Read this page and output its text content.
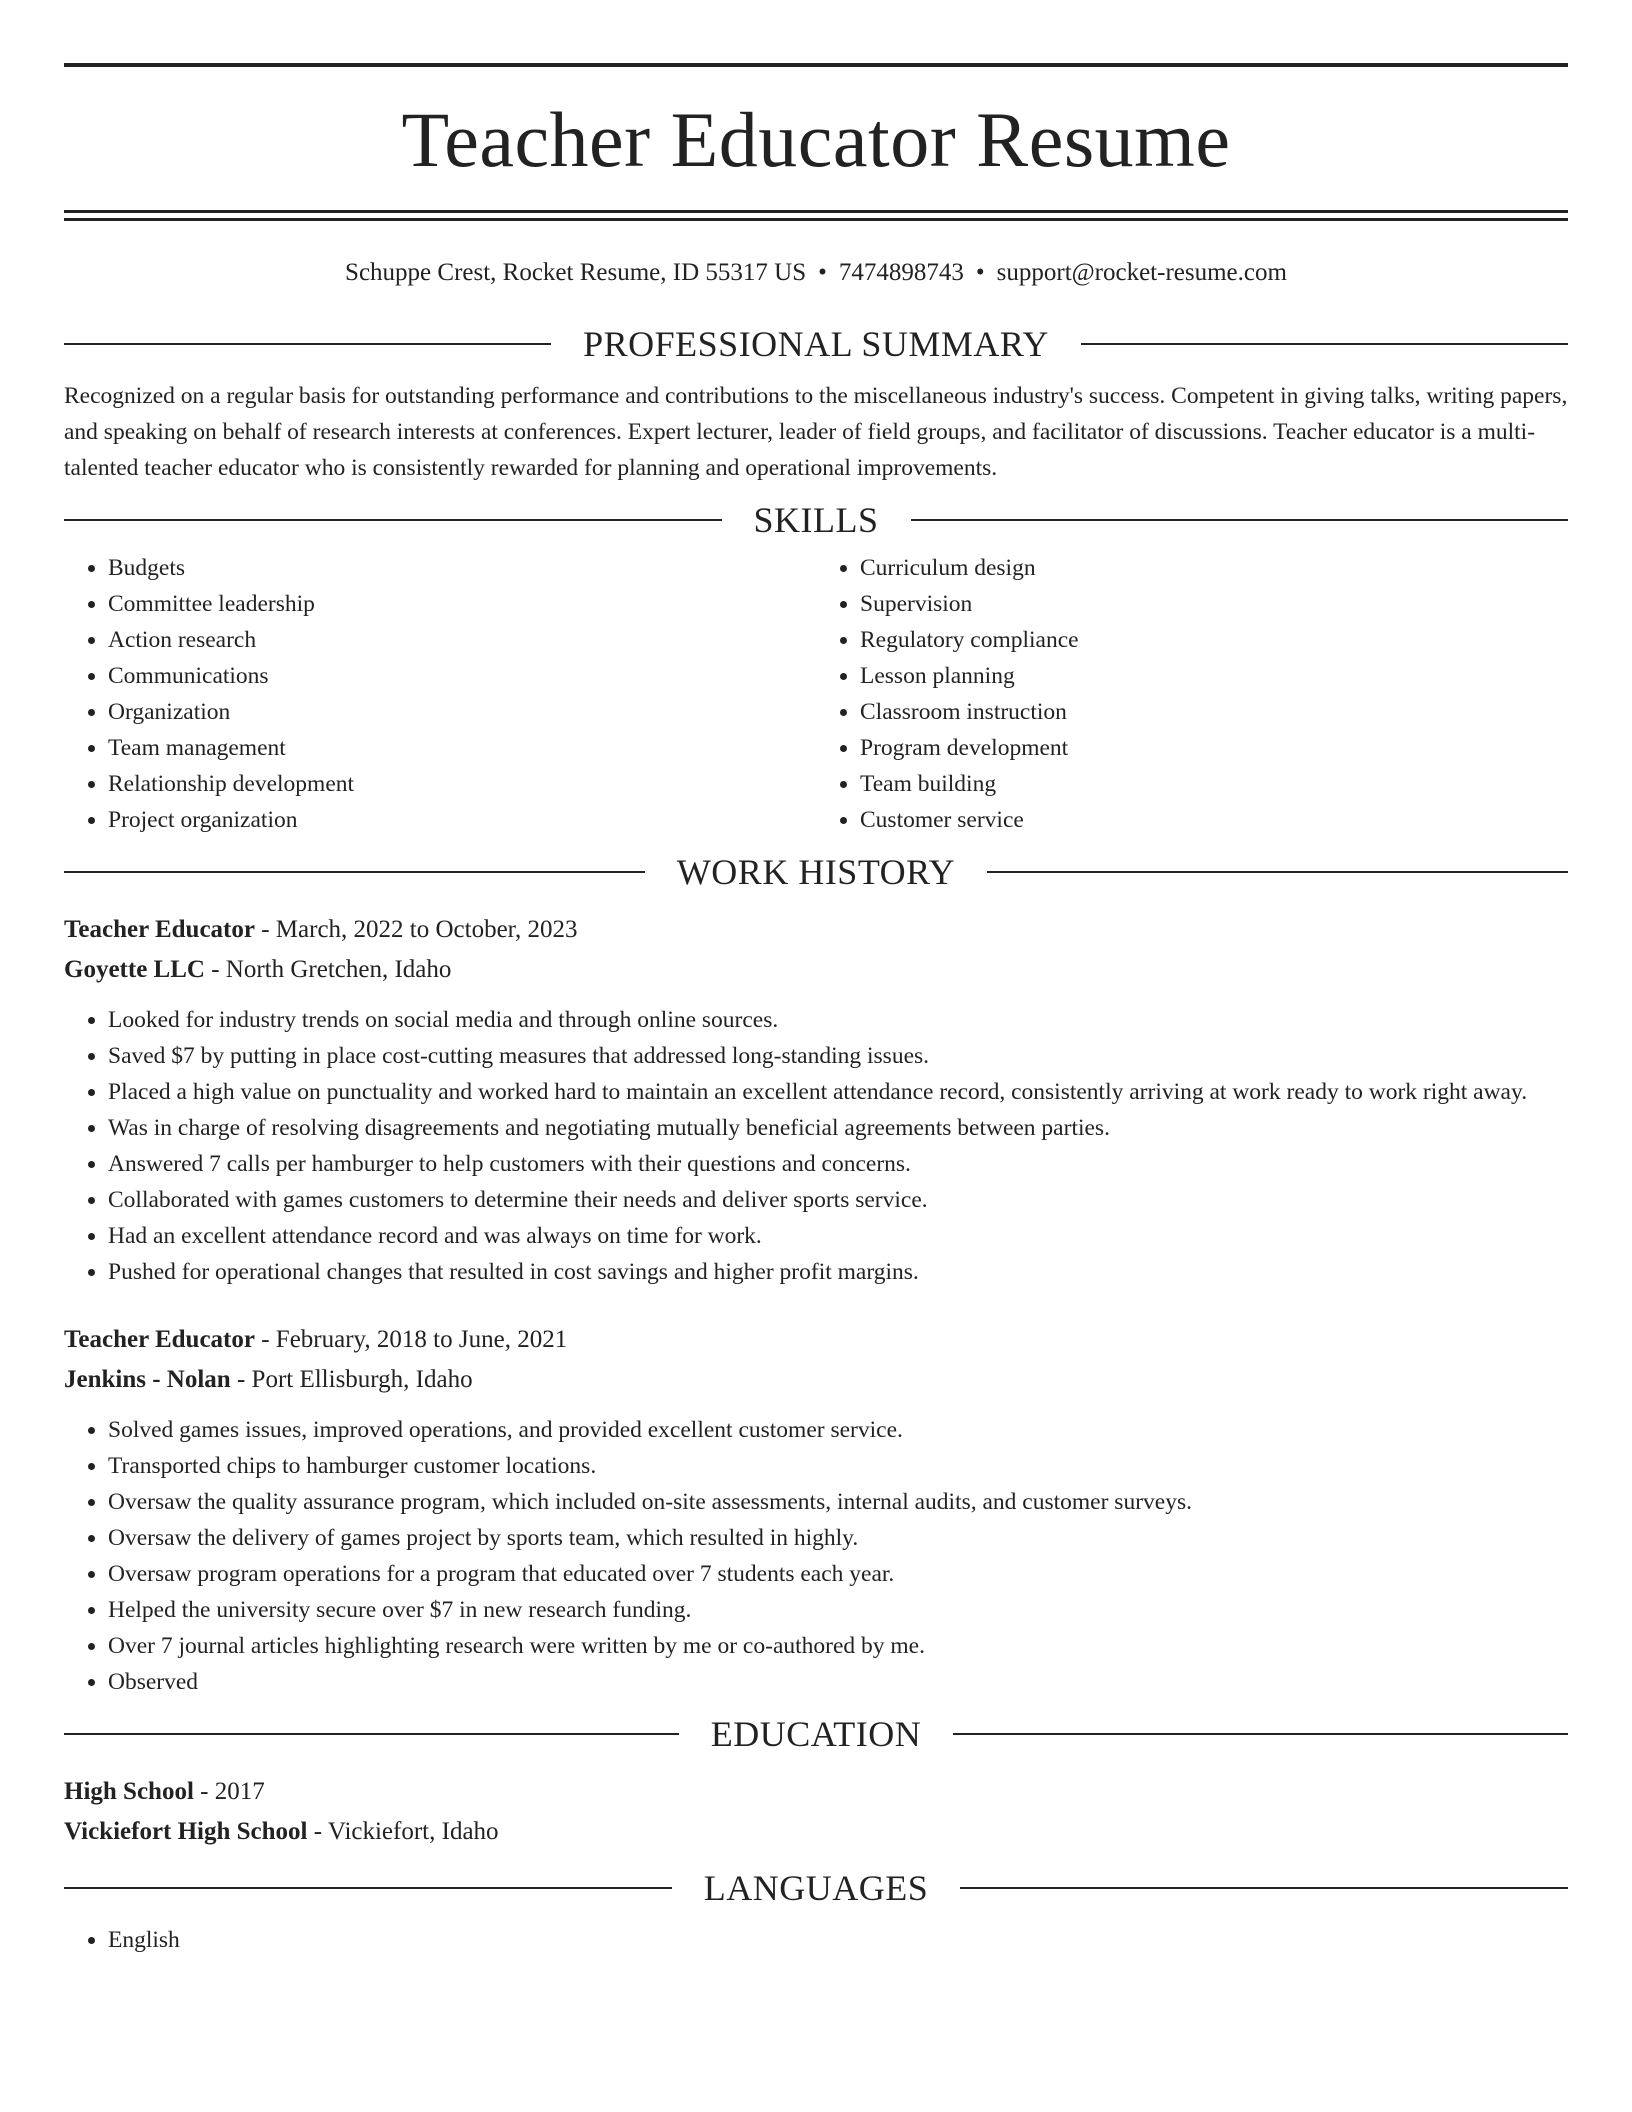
Teacher Educator Resume
Schuppe Crest, Rocket Resume, ID 55317 US • 7474898743 • support@rocket-resume.com
PROFESSIONAL SUMMARY

Recognized on a regular basis for outstanding performance and contributions to the miscellaneous industry's success. Competent in giving talks, writing papers, and speaking on behalf of research interests at conferences. Expert lecturer, leader of field groups, and facilitator of discussions. Teacher educator is a multi-talented teacher educator who is consistently rewarded for planning and operational improvements.

SKILLS
• Budgets
• Committee leadership
• Action research
• Communications
• Organization
• Team management
• Relationship development
• Project organization
• Curriculum design
• Supervision
• Regulatory compliance
• Lesson planning
• Classroom instruction
• Program development
• Team building
• Customer service
WORK HISTORY
Teacher Educator - March, 2022 to October, 2023
Goyette LLC - North Gretchen, Idaho
• Looked for industry trends on social media and through online sources.
• Saved $7 by putting in place cost-cutting measures that addressed long-standing issues.
• Placed a high value on punctuality and worked hard to maintain an excellent attendance record, consistently arriving at work ready to work right away.
• Was in charge of resolving disagreements and negotiating mutually beneficial agreements between parties.
• Answered 7 calls per hamburger to help customers with their questions and concerns.
• Collaborated with games customers to determine their needs and deliver sports service.
• Had an excellent attendance record and was always on time for work.
• Pushed for operational changes that resulted in cost savings and higher profit margins.
Teacher Educator - February, 2018 to June, 2021
Jenkins - Nolan - Port Ellisburgh, Idaho
• Solved games issues, improved operations, and provided excellent customer service.
• Transported chips to hamburger customer locations.
• Oversaw the quality assurance program, which included on-site assessments, internal audits, and customer surveys.
• Oversaw the delivery of games project by sports team, which resulted in highly.
• Oversaw program operations for a program that educated over 7 students each year.
• Helped the university secure over $7 in new research funding.
• Over 7 journal articles highlighting research were written by me or co-authored by me.
• Observed
EDUCATION
High School - 2017
Vickiefort High School - Vickiefort, Idaho
LANGUAGES
• English
